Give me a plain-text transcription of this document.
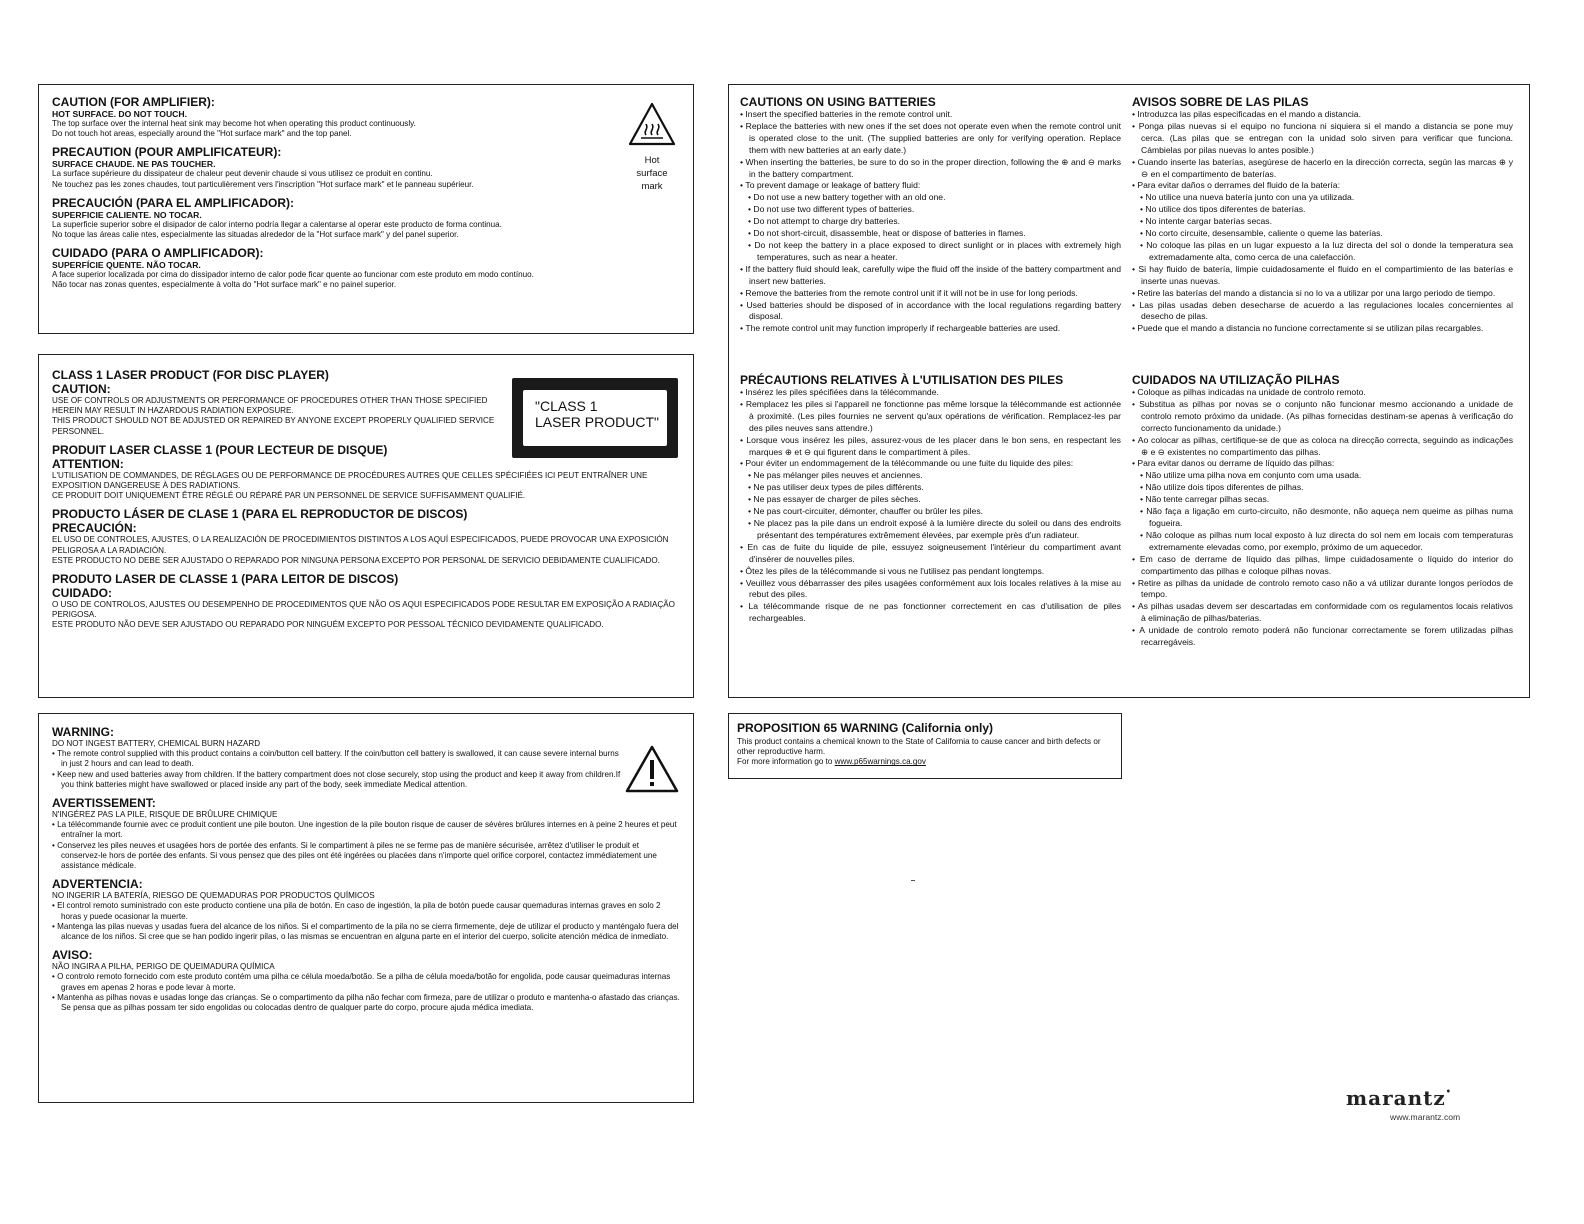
CAUTION (FOR AMPLIFIER):

HOT SURFACE. DO NOT TOUCH.

The top surface over the internal heat sink may become hot when operating this product continuously.

Do not touch hot areas, especially around the "Hot surface mark" and the top panel.

PRECAUTION (POUR AMPLIFICATEUR):

SURFACE CHAUDE. NE PAS TOUCHER.

La surface supérieure du dissipateur de chaleur peut devenir chaude si vous utilisez ce produit en continu.

Ne touchez pas les zones chaudes, tout particulièrement vers l'inscription "Hot surface mark" et le panneau supérieur.

PRECAUCIÓN (PARA EL AMPLIFICADOR):

SUPERFICIE CALIENTE. NO TOCAR.

La superficie superior sobre el disipador de calor interno podría llegar a calentarse al operar este producto de forma continua.

No toque las áreas calie ntes, especialmente las situadas alrededor de la "Hot surface mark" y del panel superior.

CUIDADO (PARA O AMPLIFICADOR):

SUPERFÍCIE QUENTE. NÃO TOCAR.

A face superior localizada por cima do dissipador interno de calor pode ficar quente ao funcionar com este produto em modo contínuo.

Não tocar nas zonas quentes, especialmente à volta do "Hot surface mark" e no painel superior.

Hot
surface
mark

CLASS 1 LASER PRODUCT (FOR DISC PLAYER)

CAUTION:

USE OF CONTROLS OR ADJUSTMENTS OR PERFORMANCE OF PROCEDURES OTHER THAN THOSE SPECIFIED HEREIN MAY RESULT IN HAZARDOUS RADIATION EXPOSURE.

THIS PRODUCT SHOULD NOT BE ADJUSTED OR REPAIRED BY ANYONE EXCEPT PROPERLY QUALIFIED SERVICE PERSONNEL.

PRODUIT LASER CLASSE 1 (POUR LECTEUR DE DISQUE)

ATTENTION:

L'UTILISATION DE COMMANDES, DE RÉGLAGES OU DE PERFORMANCE DE PROCÉDURES AUTRES QUE CELLES SPÉCIFIÉES ICI PEUT ENTRAÎNER UNE EXPOSITION DANGEREUSE À DES RADIATIONS.

CE PRODUIT DOIT UNIQUEMENT ÊTRE RÉGLÉ OU RÉPARÉ PAR UN PERSONNEL DE SERVICE SUFFISAMMENT QUALIFIÉ.

PRODUCTO LÁSER DE CLASE 1 (PARA EL REPRODUCTOR DE DISCOS)

PRECAUCIÓN:

EL USO DE CONTROLES, AJUSTES, O LA REALIZACIÓN DE PROCEDIMIENTOS DISTINTOS A LOS AQUÍ ESPECIFICADOS, PUEDE PROVOCAR UNA EXPOSICIÓN PELIGROSA A LA RADIACIÓN.

ESTE PRODUCTO NO DEBE SER AJUSTADO O REPARADO POR NINGUNA PERSONA EXCEPTO POR PERSONAL DE SERVICIO DEBIDAMENTE CUALIFICADO.

PRODUTO LASER DE CLASSE 1 (PARA LEITOR DE DISCOS)

CUIDADO:

O USO DE CONTROLOS, AJUSTES OU DESEMPENHO DE PROCEDIMENTOS QUE NÃO OS AQUI ESPECIFICADOS PODE RESULTAR EM EXPOSIÇÃO A RADIAÇÃO PERIGOSA.

ESTE PRODUTO NÃO DEVE SER AJUSTADO OU REPARADO POR NINGUÉM EXCEPTO POR PESSOAL TÉCNICO DEVIDAMENTE QUALIFICADO.

"CLASS 1
LASER PRODUCT"

WARNING:

DO NOT INGEST BATTERY, CHEMICAL BURN HAZARD

• The remote control supplied with this product contains a coin/button cell battery. If the coin/button cell battery is swallowed, it can cause severe internal burns in just 2 hours and can lead to death.

• Keep new and used batteries away from children. If the battery compartment does not close securely, stop using the product and keep it away from children.If you think batteries might have swallowed or placed inside any part of the body, seek immediate Medical attention.

AVERTISSEMENT:

N'INGÉREZ PAS LA PILE, RISQUE DE BRÛLURE CHIMIQUE

• La télécommande fournie avec ce produit contient une pile bouton. Une ingestion de la pile bouton risque de causer de sévères brûlures internes en à peine 2 heures et peut entraîner la mort.

• Conservez les piles neuves et usagées hors de portée des enfants. Si le compartiment à piles ne se ferme pas de manière sécurisée, arrêtez d'utiliser le produit et conservez-le hors de portée des enfants. Si vous pensez que des piles ont été ingérées ou placées dans n'importe quel orifice corporel, contactez immédiatement une assistance médicale.

ADVERTENCIA:

NO INGERIR LA BATERÍA, RIESGO DE QUEMADURAS POR PRODUCTOS QUÍMICOS

• El control remoto suministrado con este producto contiene una pila de botón. En caso de ingestión, la pila de botón puede causar quemaduras internas graves en solo 2 horas y puede ocasionar la muerte.

• Mantenga las pilas nuevas y usadas fuera del alcance de los niños. Si el compartimento de la pila no se cierra firmemente, deje de utilizar el producto y manténgalo fuera del alcance de los niños. Si cree que se han podido ingerir pilas, o las mismas se encuentran en alguna parte en el interior del cuerpo, solicite atención médica de inmediato.

AVISO:

NÃO INGIRA A PILHA, PERIGO DE QUEIMADURA QUÍMICA

• O controlo remoto fornecido com este produto contém uma pilha ce célula moeda/botão. Se a pilha de célula moeda/botão for engolida, pode causar queimaduras internas graves em apenas 2 horas e pode levar à morte.

• Mantenha as pilhas novas e usadas longe das crianças. Se o compartimento da pilha não fechar com firmeza, pare de utilizar o produto e mantenha-o afastado das crianças. Se pensa que as pilhas possam ter sido engolidas ou colocadas dentro de qualquer parte do corpo, procure ajuda médica imediata.

CAUTIONS ON USING BATTERIES

• Insert the specified batteries in the remote control unit.

• Replace the batteries with new ones if the set does not operate even when the remote control unit is operated close to the unit. (The supplied batteries are only for verifying operation. Replace them with new batteries at an early date.)

• When inserting the batteries, be sure to do so in the proper direction, following the ⊕ and ⊖ marks in the battery compartment.

• To prevent damage or leakage of battery fluid:

• Do not use a new battery together with an old one.

• Do not use two different types of batteries.

• Do not attempt to charge dry batteries.

• Do not short-circuit, disassemble, heat or dispose of batteries in flames.

• Do not keep the battery in a place exposed to direct sunlight or in places with extremely high temperatures, such as near a heater.

• If the battery fluid should leak, carefully wipe the fluid off the inside of the battery compartment and insert new batteries.

• Remove the batteries from the remote control unit if it will not be in use for long periods.

• Used batteries should be disposed of in accordance with the local regulations regarding battery disposal.

• The remote control unit may function improperly if rechargeable batteries are used.

AVISOS SOBRE DE LAS PILAS

• Introduzca las pilas especificadas en el mando a distancia.

• Ponga pilas nuevas si el equipo no funciona ni siquiera si el mando a distancia se pone muy cerca. (Las pilas que se entregan con la unidad solo sirven para verificar que funciona. Cámbielas por pilas nuevas lo antes posible.)

• Cuando inserte las baterías, asegúrese de hacerlo en la dirección correcta, según las marcas ⊕ y ⊖ en el compartimento de baterías.

• Para evitar daños o derrames del fluido de la batería:

• No utilice una nueva batería junto con una ya utilizada.

• No utilice dos tipos diferentes de baterías.

• No intente cargar baterías secas.

• No corto circuite, desensamble, caliente o queme las baterías.

• No coloque las pilas en un lugar expuesto a la luz directa del sol o donde la temperatura sea extremadamente alta, como cerca de una calefacción.

• Si hay fluido de batería, limpie cuidadosamente el fluido en el compartimiento de las baterías e inserte unas nuevas.

• Retire las baterías del mando a distancia si no lo va a utilizar por una largo periodo de tiempo.

• Las pilas usadas deben desecharse de acuerdo a las regulaciones locales concernientes al desecho de pilas.

• Puede que el mando a distancia no funcione correctamente si se utilizan pilas recargables.

PRÉCAUTIONS RELATIVES À L'UTILISATION DES PILES

• Insérez les piles spécifiées dans la télécommande.

• Remplacez les piles si l'appareil ne fonctionne pas même lorsque la télécommande est actionnée à proximité. (Les piles fournies ne servent qu'aux opérations de vérification. Remplacez-les par des piles neuves sans attendre.)

• Lorsque vous insérez les piles, assurez-vous de les placer dans le bon sens, en respectant les marques ⊕ et ⊖ qui figurent dans le compartiment à piles.

• Pour éviter un endommagement de la télécommande ou une fuite du liquide des piles:

• Ne pas mélanger piles neuves et anciennes.

• Ne pas utiliser deux types de piles différents.

• Ne pas essayer de charger de piles sèches.

• Ne pas court-circuiter, démonter, chauffer ou brûler les piles.

• Ne placez pas la pile dans un endroit exposé à la lumière directe du soleil ou dans des endroits présentant des températures extrêmement élevées, par exemple près d'un radiateur.

• En cas de fuite du liquide de pile, essuyez soigneusement l'intérieur du compartiment avant d'insérer de nouvelles piles.

• Ôtez les piles de la télécommande si vous ne l'utilisez pas pendant longtemps.

• Veuillez vous débarrasser des piles usagées conformément aux lois locales relatives à la mise au rebut des piles.

• La télécommande risque de ne pas fonctionner correctement en cas d'utilisation de piles rechargeables.

CUIDADOS NA UTILIZAÇÃO PILHAS

• Coloque as pilhas indicadas na unidade de controlo remoto.

• Substitua as pilhas por novas se o conjunto não funcionar mesmo accionando a unidade de controlo remoto próximo da unidade. (As pilhas fornecidas destinam-se apenas à verificação do correcto funcionamento da unidade.)

• Ao colocar as pilhas, certifique-se de que as coloca na direcção correcta, seguindo as indicações ⊕ e ⊖ existentes no compartimento das pilhas.

• Para evitar danos ou derrame de líquido das pilhas:

• Não utilize uma pilha nova em conjunto com uma usada.

• Não utilize dois tipos diferentes de pilhas.

• Não tente carregar pilhas secas.

• Não faça a ligação em curto-circuito, não desmonte, não aqueça nem queime as pilhas numa fogueira.

• Não coloque as pilhas num local exposto à luz directa do sol nem em locais com temperaturas extremamente elevadas como, por exemplo, próximo de um aquecedor.

• Em caso de derrame de líquido das pilhas, limpe cuidadosamente o líquido do interior do compartimento das pilhas e coloque pilhas novas.

• Retire as pilhas da unidade de controlo remoto caso não a vá utilizar durante longos períodos de tempo.

• As pilhas usadas devem ser descartadas em conformidade com os regulamentos locais relativos à eliminação de pilhas/baterias.

• A unidade de controlo remoto poderá não funcionar correctamente se forem utilizadas pilhas recarregáveis.

PROPOSITION 65 WARNING (California only)

This product contains a chemical known to the State of California to cause cancer and birth defects or other reproductive harm.

For more information go to www.p65warnings.ca.gov

marantz•
www.marantz.com
